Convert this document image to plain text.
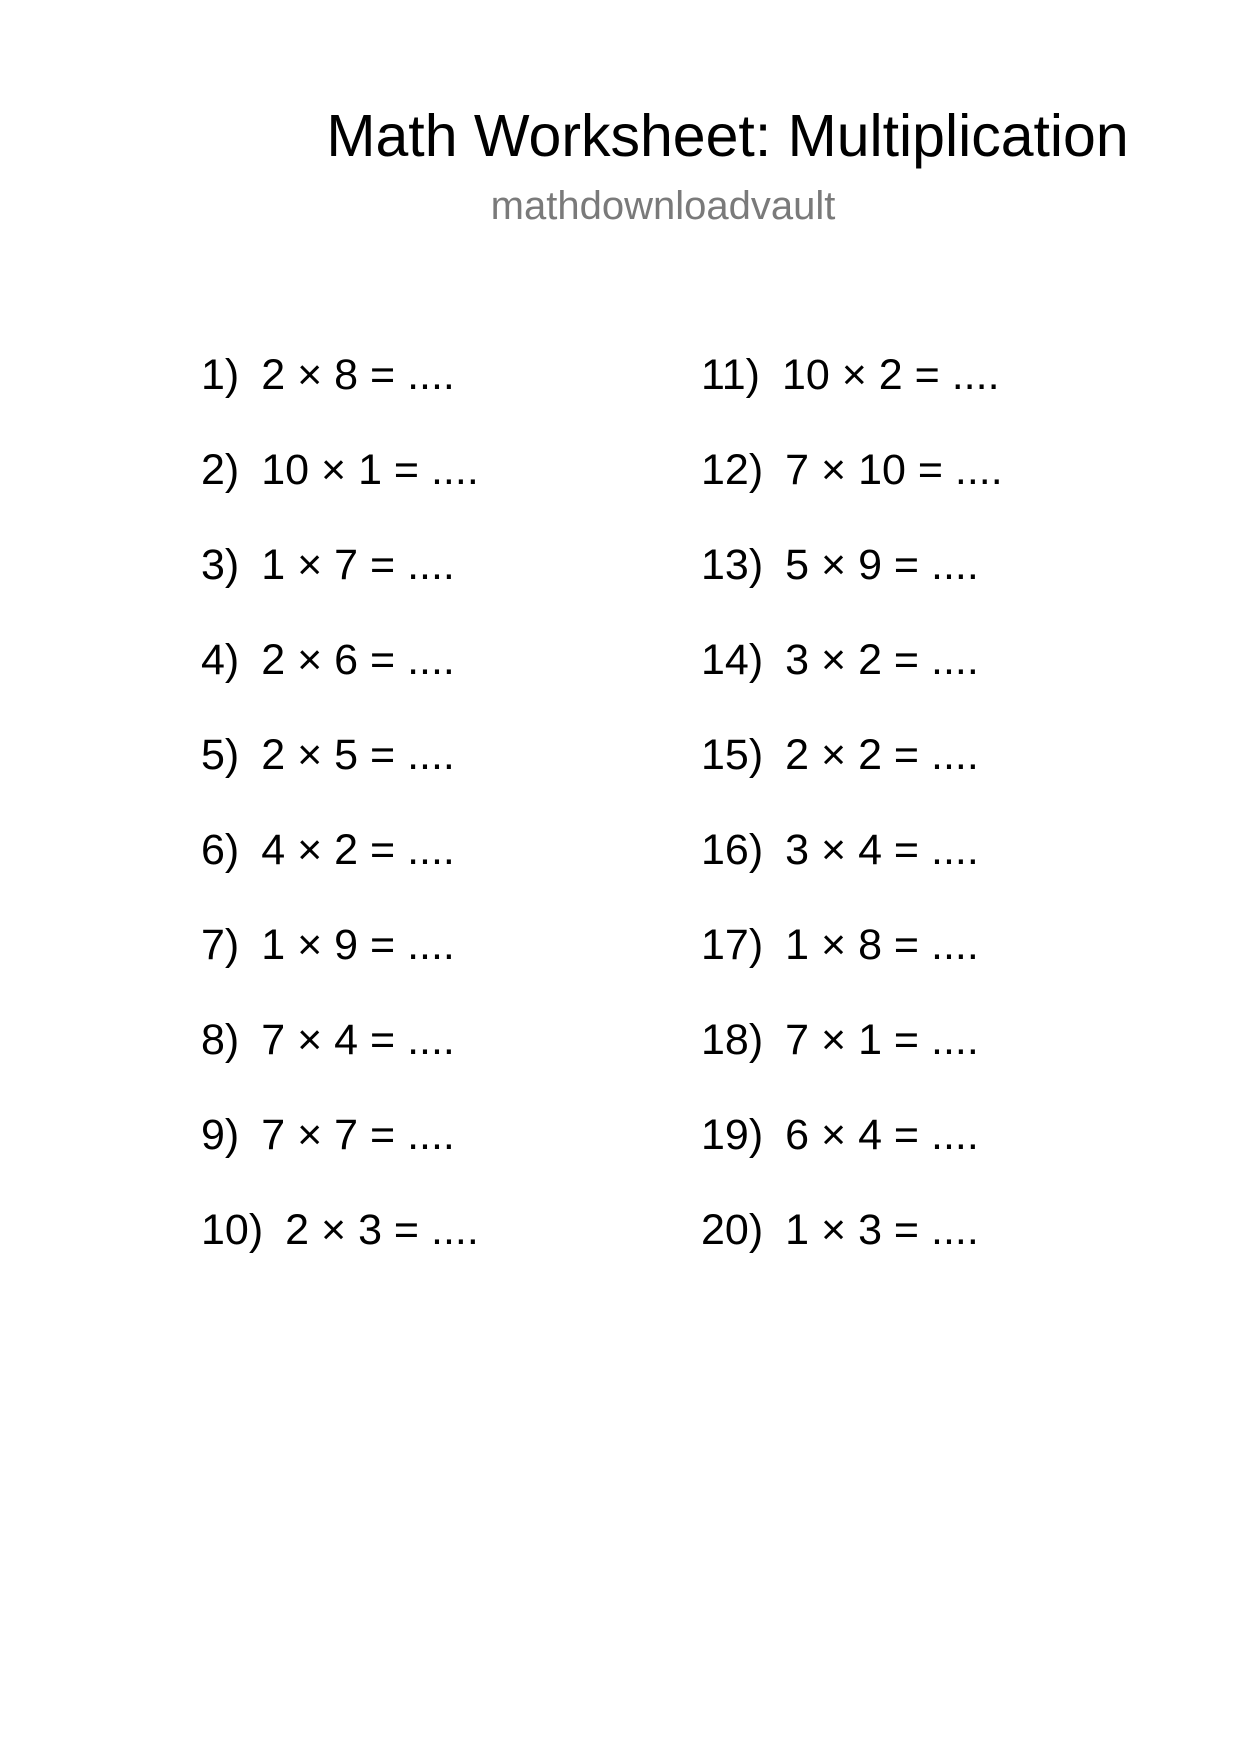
Math Worksheet: Multiplication
mathdownloadvault
1) 2 × 8 = ....
2) 10 × 1 = ....
3) 1 × 7 = ....
4) 2 × 6 = ....
5) 2 × 5 = ....
6) 4 × 2 = ....
7) 1 × 9 = ....
8) 7 × 4 = ....
9) 7 × 7 = ....
10) 2 × 3 = ....
11) 10 × 2 = ....
12) 7 × 10 = ....
13) 5 × 9 = ....
14) 3 × 2 = ....
15) 2 × 2 = ....
16) 3 × 4 = ....
17) 1 × 8 = ....
18) 7 × 1 = ....
19) 6 × 4 = ....
20) 1 × 3 = ....
